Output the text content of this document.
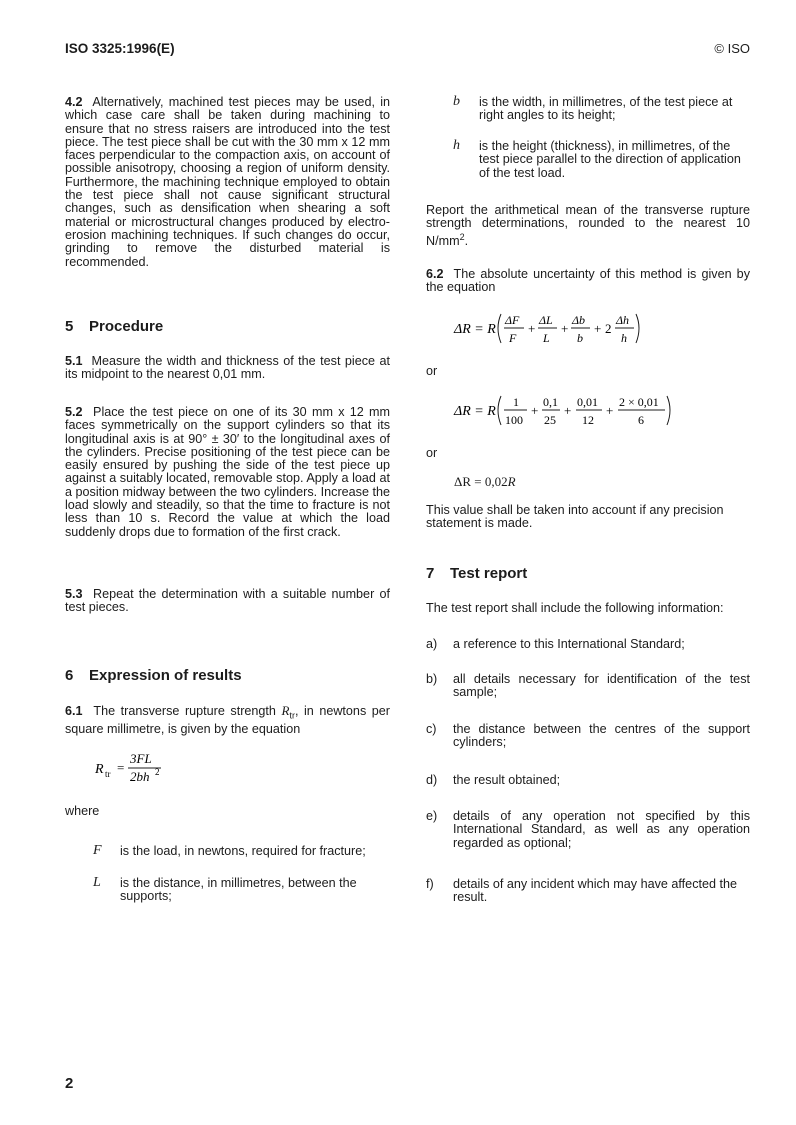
ISO 3325:1996(E)	© ISO

4.2 Alternatively, machined test pieces may be used, in which case care shall be taken during machining to ensure that no stress raisers are introduced into the test piece. The test piece shall be cut with the 30 mm x 12 mm faces perpendicular to the compaction axis, on account of possible anisotropy, choosing a region of uniform density. Furthermore, the machining technique employed to obtain the test piece shall not cause significant structural changes, such as densification when shearing a soft material or microstructural changes produced by electro-erosion machining techniques. If such changes do occur, grinding to remove the disturbed material is recommended.

5 Procedure

5.1 Measure the width and thickness of the test piece at its midpoint to the nearest 0,01 mm.

5.2 Place the test piece on one of its 30 mm x 12 mm faces symmetrically on the support cylinders so that its longitudinal axis is at 90° ± 30′ to the longitudinal axes of the cylinders. Precise positioning of the test piece can be easily ensured by pushing the side of the test piece up against a suitably located, removable stop. Apply a load at a position midway between the two cylinders. Increase the load slowly and steadily, so that the time to fracture is not less than 10 s. Record the value at which the load suddenly drops due to formation of the first crack.

5.3 Repeat the determination with a suitable number of test pieces.

6 Expression of results

6.1 The transverse rupture strength $R_{tr}$, in newtons per square millimetre, is given by the equation

R tr =
3FL
2bh 2
where
F is the load, in newtons, required for fracture;
L is the distance, in millimetres, between the supports;

2
b is the width, in millimetres, of the test piece at right angles to its height;

h is the height (thickness), in millimetres, of the test piece parallel to the direction of application of the test load.

Report the arithmetical mean of the transverse rupture strength determinations, rounded to the nearest 10 $N/mm^2$.

6.2 The absolute uncertainty of this method is given by the equation

ΔR = R
ΔF
F
+
ΔL
L
+
Δb
b
+ 2
Δh
h
or
ΔR = R
1
100
+
0,1
25
+
0,01
12
+
2 × 0,01
6
or
ΔR = 0,02R

This value shall be taken into account if any precision statement is made.

7 Test report
The test report shall include the following information:
a) a reference to this International Standard;

b) all details necessary for identification of the test sample;

c) the distance between the centres of the support cylinders;

d) the result obtained;

e) details of any operation not specified by this International Standard, as well as any operation regarded as optional;

f) details of any incident which may have affected the result.
